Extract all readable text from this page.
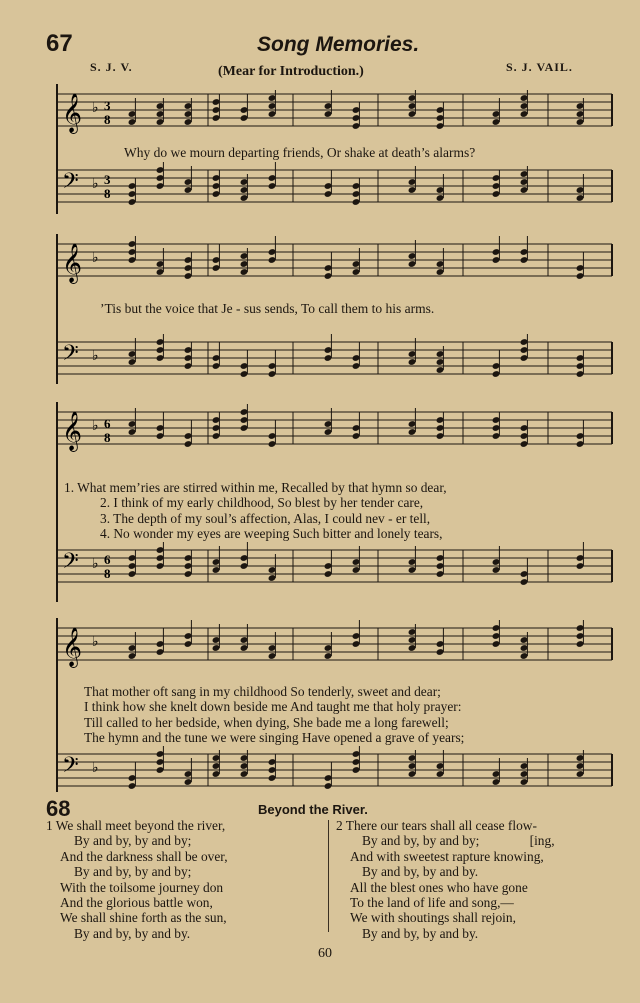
67	Song Memories.
S. J. V.	(Mear for Introduction.)	S. J. VAIL.
𝄞 ♭ 3
8
Why do we mourn departing friends, Or shake at death’s alarms?
𝄢 ♭ 3
8
𝄞 ♭
’Tis but the voice that Je - sus sends, To call them to his arms.
𝄢 ♭
𝄞 ♭ 6
8
1. What mem’ries are stirred within me, Recalled by that hymn so dear,
2. I think of my early childhood, So blest by her tender care,
3. The depth of my soul’s affection, Alas, I could nev - er tell,
4. No wonder my eyes are weeping Such bitter and lonely tears,
𝄢 ♭ 6
8
𝄞 ♭
That mother oft sang in my childhood So tenderly, sweet and dear;
I think how she knelt down beside me And taught me that holy prayer:
Till called to her bedside, when dying, She bade me a long farewell;
The hymn and the tune we were singing Have opened a grave of years;
𝄢 ♭
68	Beyond the River.
1 We shall meet beyond the river,
By and by, by and by;
And the darkness shall be over,
By and by, by and by;
With the toilsome journey don
And the glorious battle won,
We shall shine forth as the sun,
By and by, by and by.
2 There our tears shall all cease flow-
By and by, by and by;               [ing,
And with sweetest rapture knowing,
By and by, by and by.
All the blest ones who have gone
To the land of life and song,—
We with shoutings shall rejoin,
By and by, by and by.
60
